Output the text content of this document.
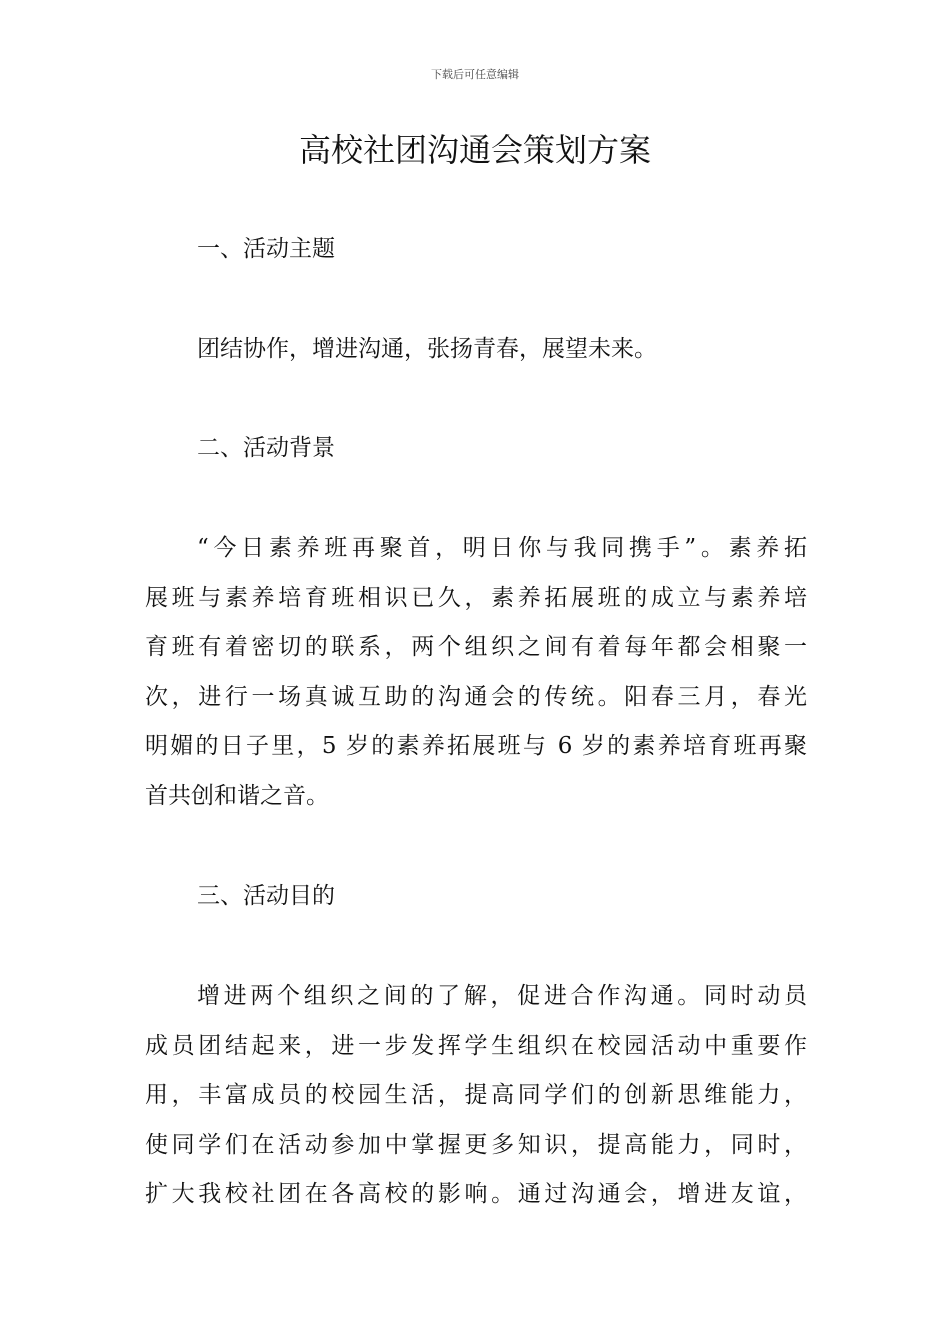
下载后可任意编辑
高校社团沟通会策划方案
一、活动主题

团结协作，增进沟通，张扬青春，展望未来。

二、活动背景
“今日素养班再聚首，明日你与我同携手”。素养拓
展班与素养培育班相识已久，素养拓展班的成立与素养培
育班有着密切的联系，两个组织之间有着每年都会相聚一
次，进行一场真诚互助的沟通会的传统。阳春三月，春光
明媚的日子里，5 岁的素养拓展班与 6 岁的素养培育班再聚
首共创和谐之音。
三、活动目的
增进两个组织之间的了解，促进合作沟通。同时动员
成员团结起来，进一步发挥学生组织在校园活动中重要作
用，丰富成员的校园生活，提高同学们的创新思维能力，
使同学们在活动参加中掌握更多知识，提高能力，同时，
扩大我校社团在各高校的影响。通过沟通会，增进友谊，
